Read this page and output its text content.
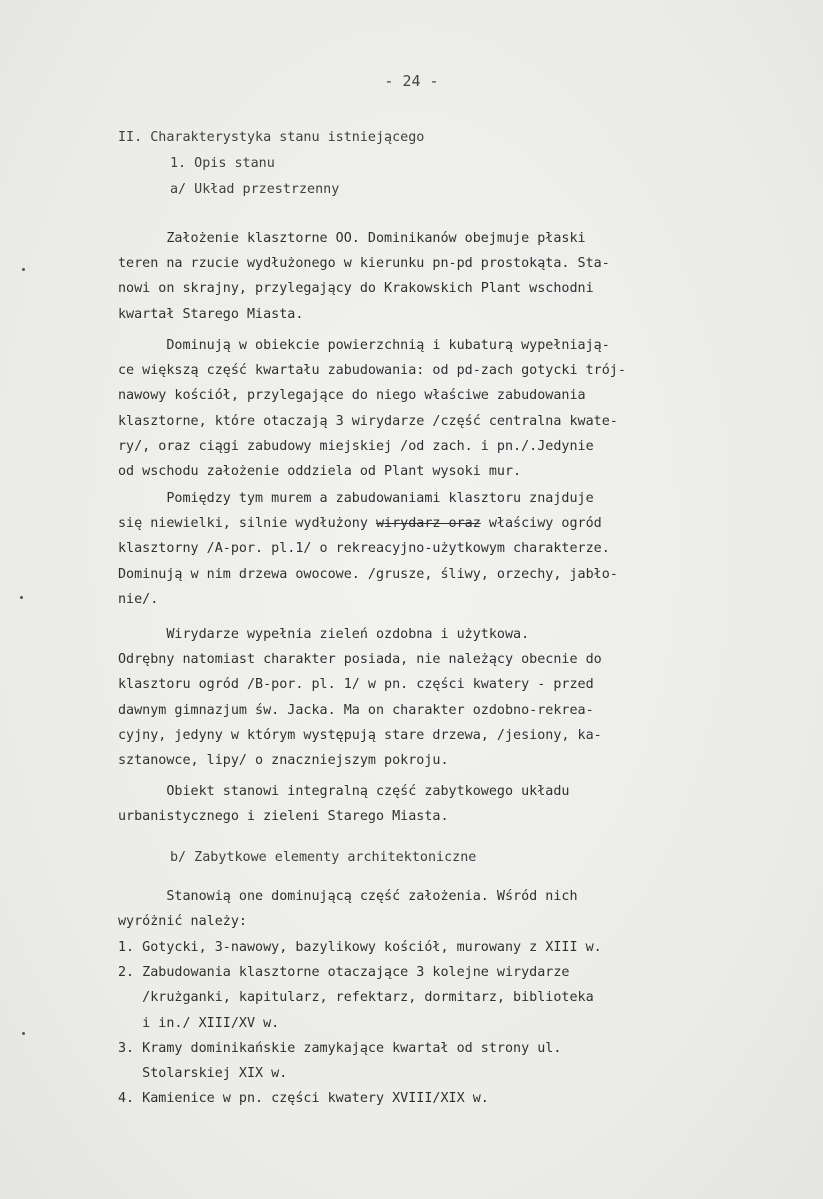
- 24 -
II. Charakterystyka stanu istniejącego
1. Opis stanu
a/ Układ przestrzenny
Założenie klasztorne OO. Dominikanów obejmuje płaski
teren na rzucie wydłużonego w kierunku pn-pd prostokąta. Sta-
nowi on skrajny, przylegający do Krakowskich Plant wschodni
kwartał Starego Miasta.
Dominują w obiekcie powierzchnią i kubaturą wypełniają-
ce większą część kwartału zabudowania: od pd-zach gotycki trój-
nawowy kościół, przylegające do niego właściwe zabudowania
klasztorne, które otaczają 3 wirydarze /część centralna kwate-
ry/, oraz ciągi zabudowy miejskiej /od zach. i pn./.Jedynie
od wschodu założenie oddziela od Plant wysoki mur.
Pomiędzy tym murem a zabudowaniami klasztoru znajduje
się niewielki, silnie wydłużony wirydarz oraz właściwy ogród
klasztorny /A-por. pl.1/ o rekreacyjno-użytkowym charakterze.
Dominują w nim drzewa owocowe. /grusze, śliwy, orzechy, jabło-
nie/.
Wirydarze wypełnia zieleń ozdobna i użytkowa.
Odrębny natomiast charakter posiada, nie należący obecnie do
klasztoru ogród /B-por. pl. 1/ w pn. części kwatery - przed
dawnym gimnazjum św. Jacka. Ma on charakter ozdobno-rekrea-
cyjny, jedyny w którym występują stare drzewa, /jesiony, ka-
sztanowce, lipy/ o znaczniejszym pokroju.
Obiekt stanowi integralną część zabytkowego układu
urbanistycznego i zieleni Starego Miasta.
b/ Zabytkowe elementy architektoniczne
Stanowią one dominującą część założenia. Wśród nich
wyróżnić należy:
1. Gotycki, 3-nawowy, bazylikowy kościół, murowany z XIII w.
2. Zabudowania klasztorne otaczające 3 kolejne wirydarze
/krużganki, kapitularz, refektarz, dormitarz, biblioteka
i in./ XIII/XV w.
3. Kramy dominikańskie zamykające kwartał od strony ul.
Stolarskiej XIX w.
4. Kamienice w pn. części kwatery XVIII/XIX w.
